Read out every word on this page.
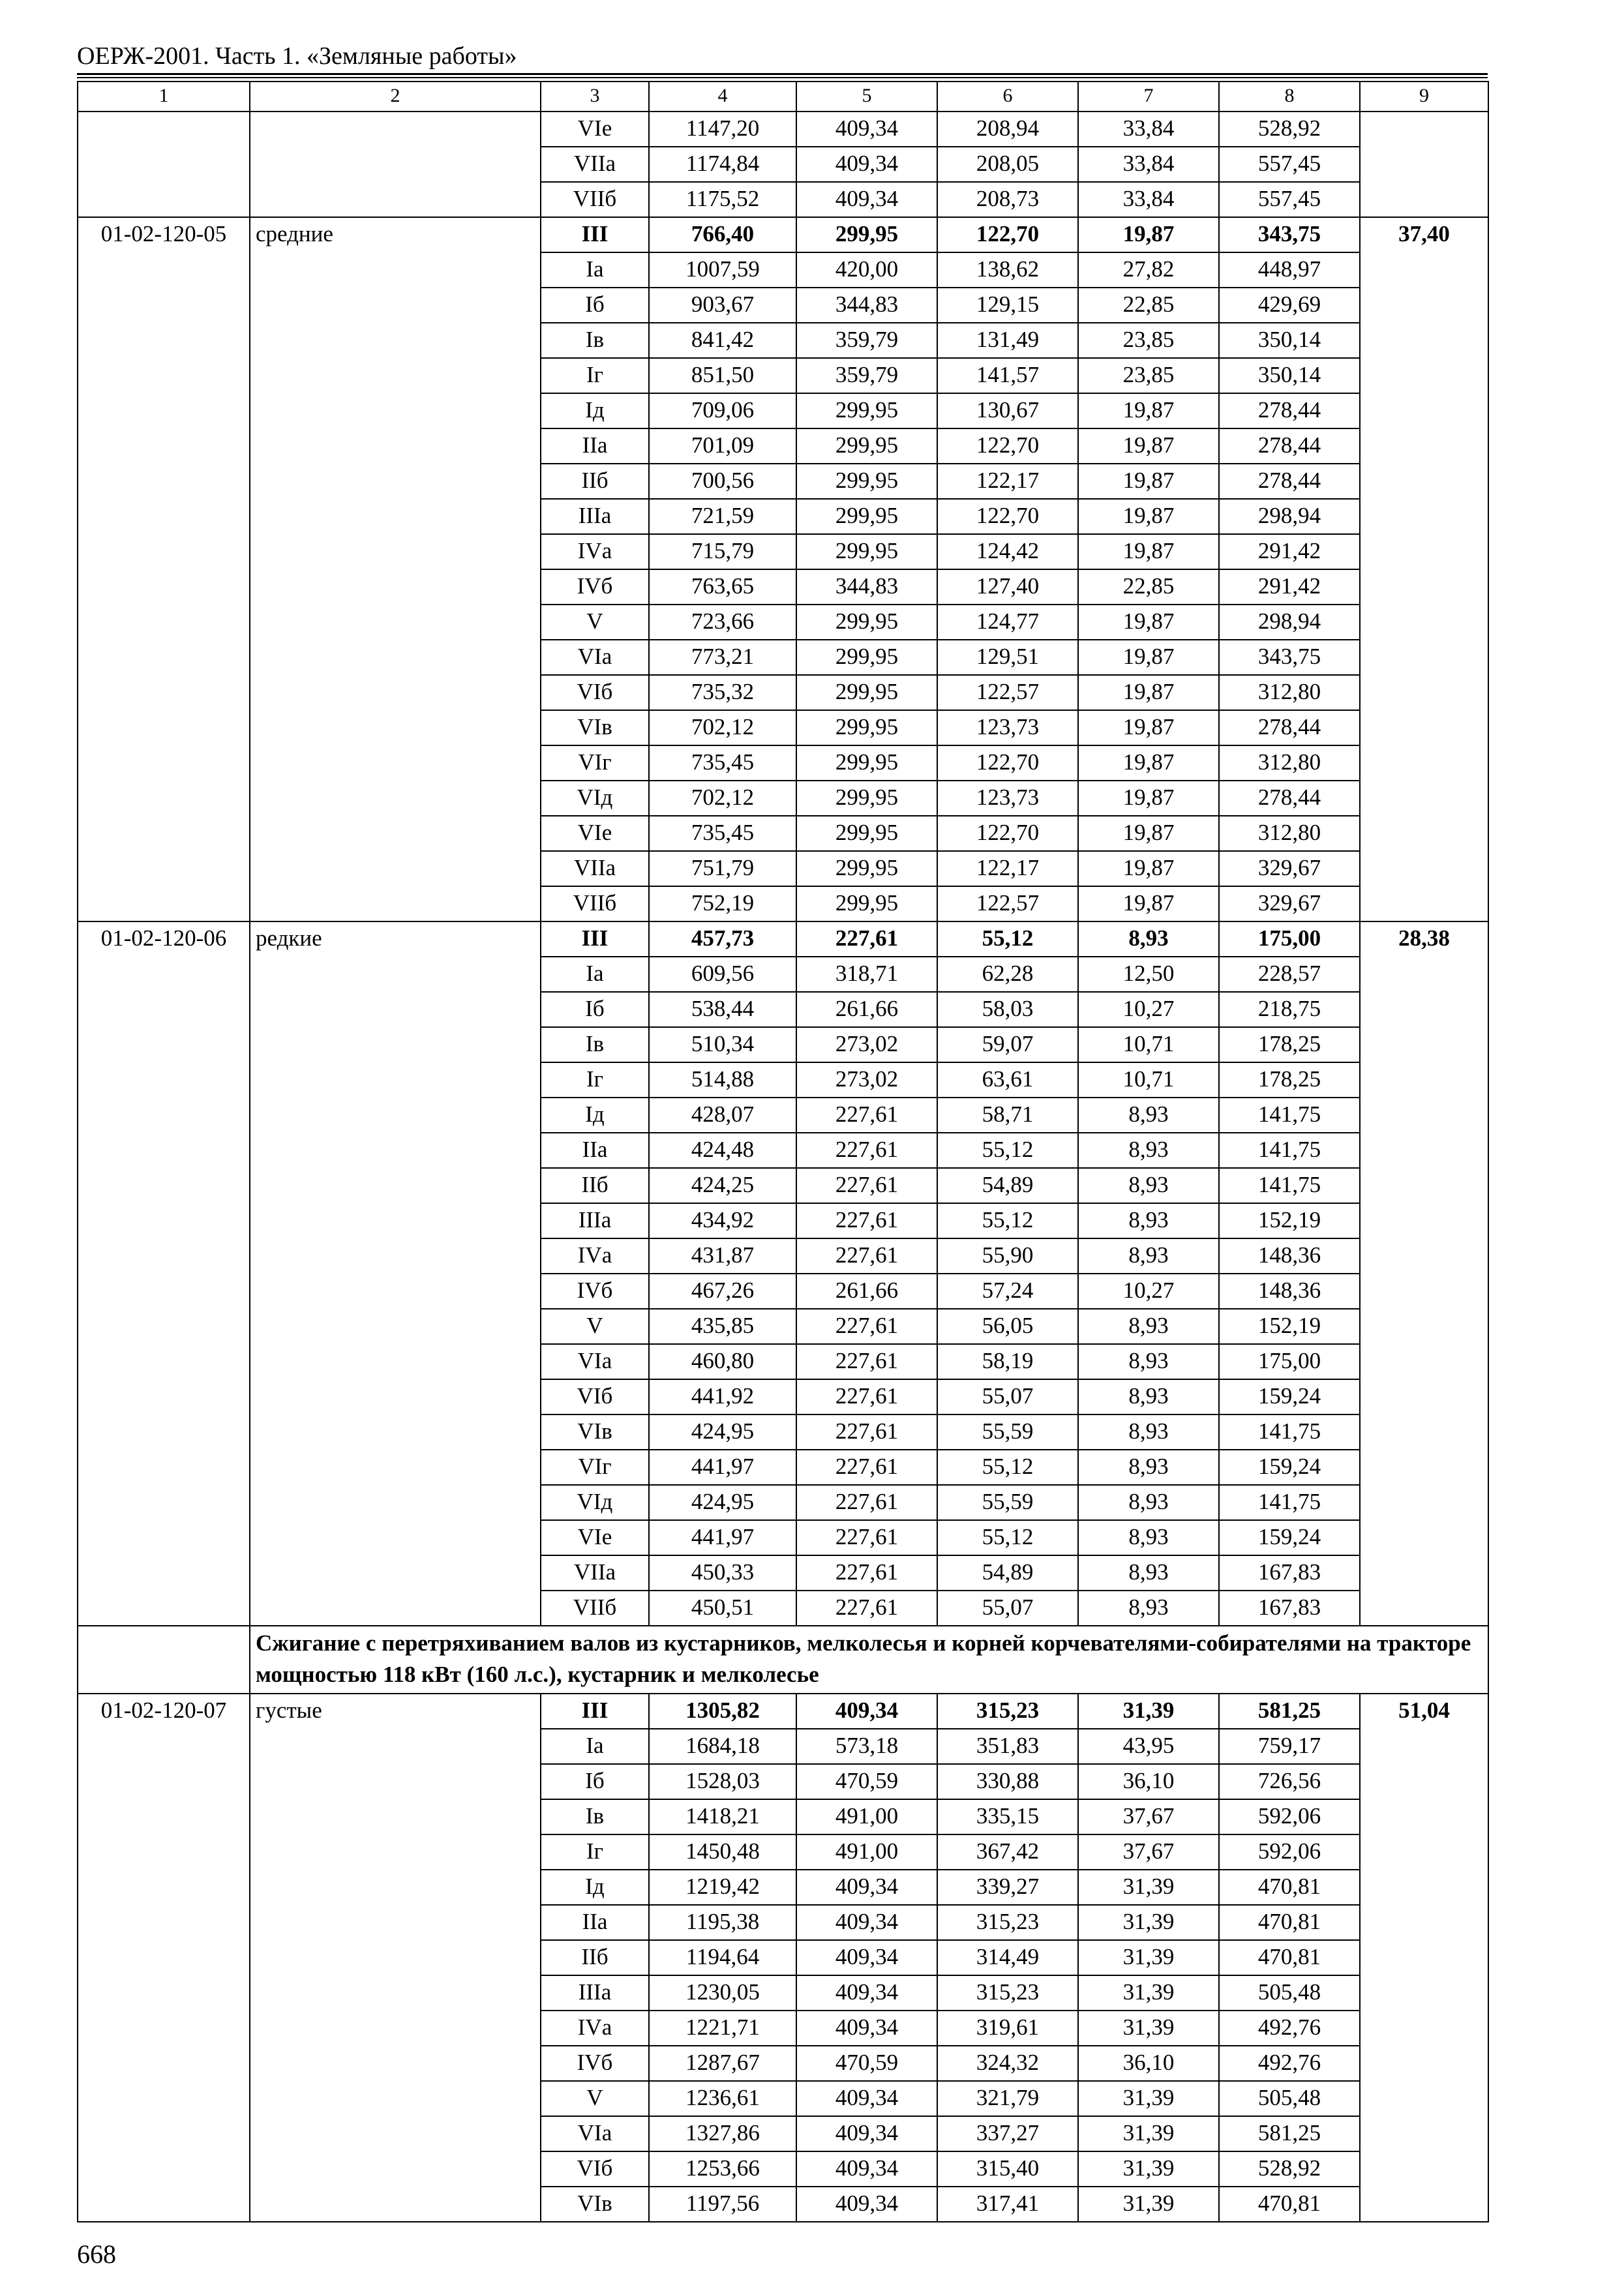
ОЕРЖ-2001. Часть 1. «Земляные работы»
1	2	3	4	5	6	7	8	9
		VIе	1147,20	409,34	208,94	33,84	528,92	
		VIIа	1174,84	409,34	208,05	33,84	557,45	
		VIIб	1175,52	409,34	208,73	33,84	557,45	
01-02-120-05	средние	III	766,40	299,95	122,70	19,87	343,75	37,40
		Iа	1007,59	420,00	138,62	27,82	448,97	
		Iб	903,67	344,83	129,15	22,85	429,69	
		Iв	841,42	359,79	131,49	23,85	350,14	
		Iг	851,50	359,79	141,57	23,85	350,14	
		Iд	709,06	299,95	130,67	19,87	278,44	
		IIа	701,09	299,95	122,70	19,87	278,44	
		IIб	700,56	299,95	122,17	19,87	278,44	
		IIIа	721,59	299,95	122,70	19,87	298,94	
		IVа	715,79	299,95	124,42	19,87	291,42	
		IVб	763,65	344,83	127,40	22,85	291,42	
		V	723,66	299,95	124,77	19,87	298,94	
		VIа	773,21	299,95	129,51	19,87	343,75	
		VIб	735,32	299,95	122,57	19,87	312,80	
		VIв	702,12	299,95	123,73	19,87	278,44	
		VIг	735,45	299,95	122,70	19,87	312,80	
		VIд	702,12	299,95	123,73	19,87	278,44	
		VIе	735,45	299,95	122,70	19,87	312,80	
		VIIа	751,79	299,95	122,17	19,87	329,67	
		VIIб	752,19	299,95	122,57	19,87	329,67	
01-02-120-06	редкие	III	457,73	227,61	55,12	8,93	175,00	28,38
		Iа	609,56	318,71	62,28	12,50	228,57	
		Iб	538,44	261,66	58,03	10,27	218,75	
		Iв	510,34	273,02	59,07	10,71	178,25	
		Iг	514,88	273,02	63,61	10,71	178,25	
		Iд	428,07	227,61	58,71	8,93	141,75	
		IIа	424,48	227,61	55,12	8,93	141,75	
		IIб	424,25	227,61	54,89	8,93	141,75	
		IIIа	434,92	227,61	55,12	8,93	152,19	
		IVа	431,87	227,61	55,90	8,93	148,36	
		IVб	467,26	261,66	57,24	10,27	148,36	
		V	435,85	227,61	56,05	8,93	152,19	
		VIа	460,80	227,61	58,19	8,93	175,00	
		VIб	441,92	227,61	55,07	8,93	159,24	
		VIв	424,95	227,61	55,59	8,93	141,75	
		VIг	441,97	227,61	55,12	8,93	159,24	
		VIд	424,95	227,61	55,59	8,93	141,75	
		VIе	441,97	227,61	55,12	8,93	159,24	
		VIIа	450,33	227,61	54,89	8,93	167,83	
		VIIб	450,51	227,61	55,07	8,93	167,83	
	Сжигание с перетряхиванием валов из кустарников, мелколесья и корней корчевателями-собирателями на тракторе мощностью 118 кВт (160 л.с.), кустарник и мелколесье							
01-02-120-07	густые	III	1305,82	409,34	315,23	31,39	581,25	51,04
		Iа	1684,18	573,18	351,83	43,95	759,17	
		Iб	1528,03	470,59	330,88	36,10	726,56	
		Iв	1418,21	491,00	335,15	37,67	592,06	
		Iг	1450,48	491,00	367,42	37,67	592,06	
		Iд	1219,42	409,34	339,27	31,39	470,81	
		IIа	1195,38	409,34	315,23	31,39	470,81	
		IIб	1194,64	409,34	314,49	31,39	470,81	
		IIIа	1230,05	409,34	315,23	31,39	505,48	
		IVа	1221,71	409,34	319,61	31,39	492,76	
		IVб	1287,67	470,59	324,32	36,10	492,76	
		V	1236,61	409,34	321,79	31,39	505,48	
		VIа	1327,86	409,34	337,27	31,39	581,25	
		VIб	1253,66	409,34	315,40	31,39	528,92	
		VIв	1197,56	409,34	317,41	31,39	470,81	
668
